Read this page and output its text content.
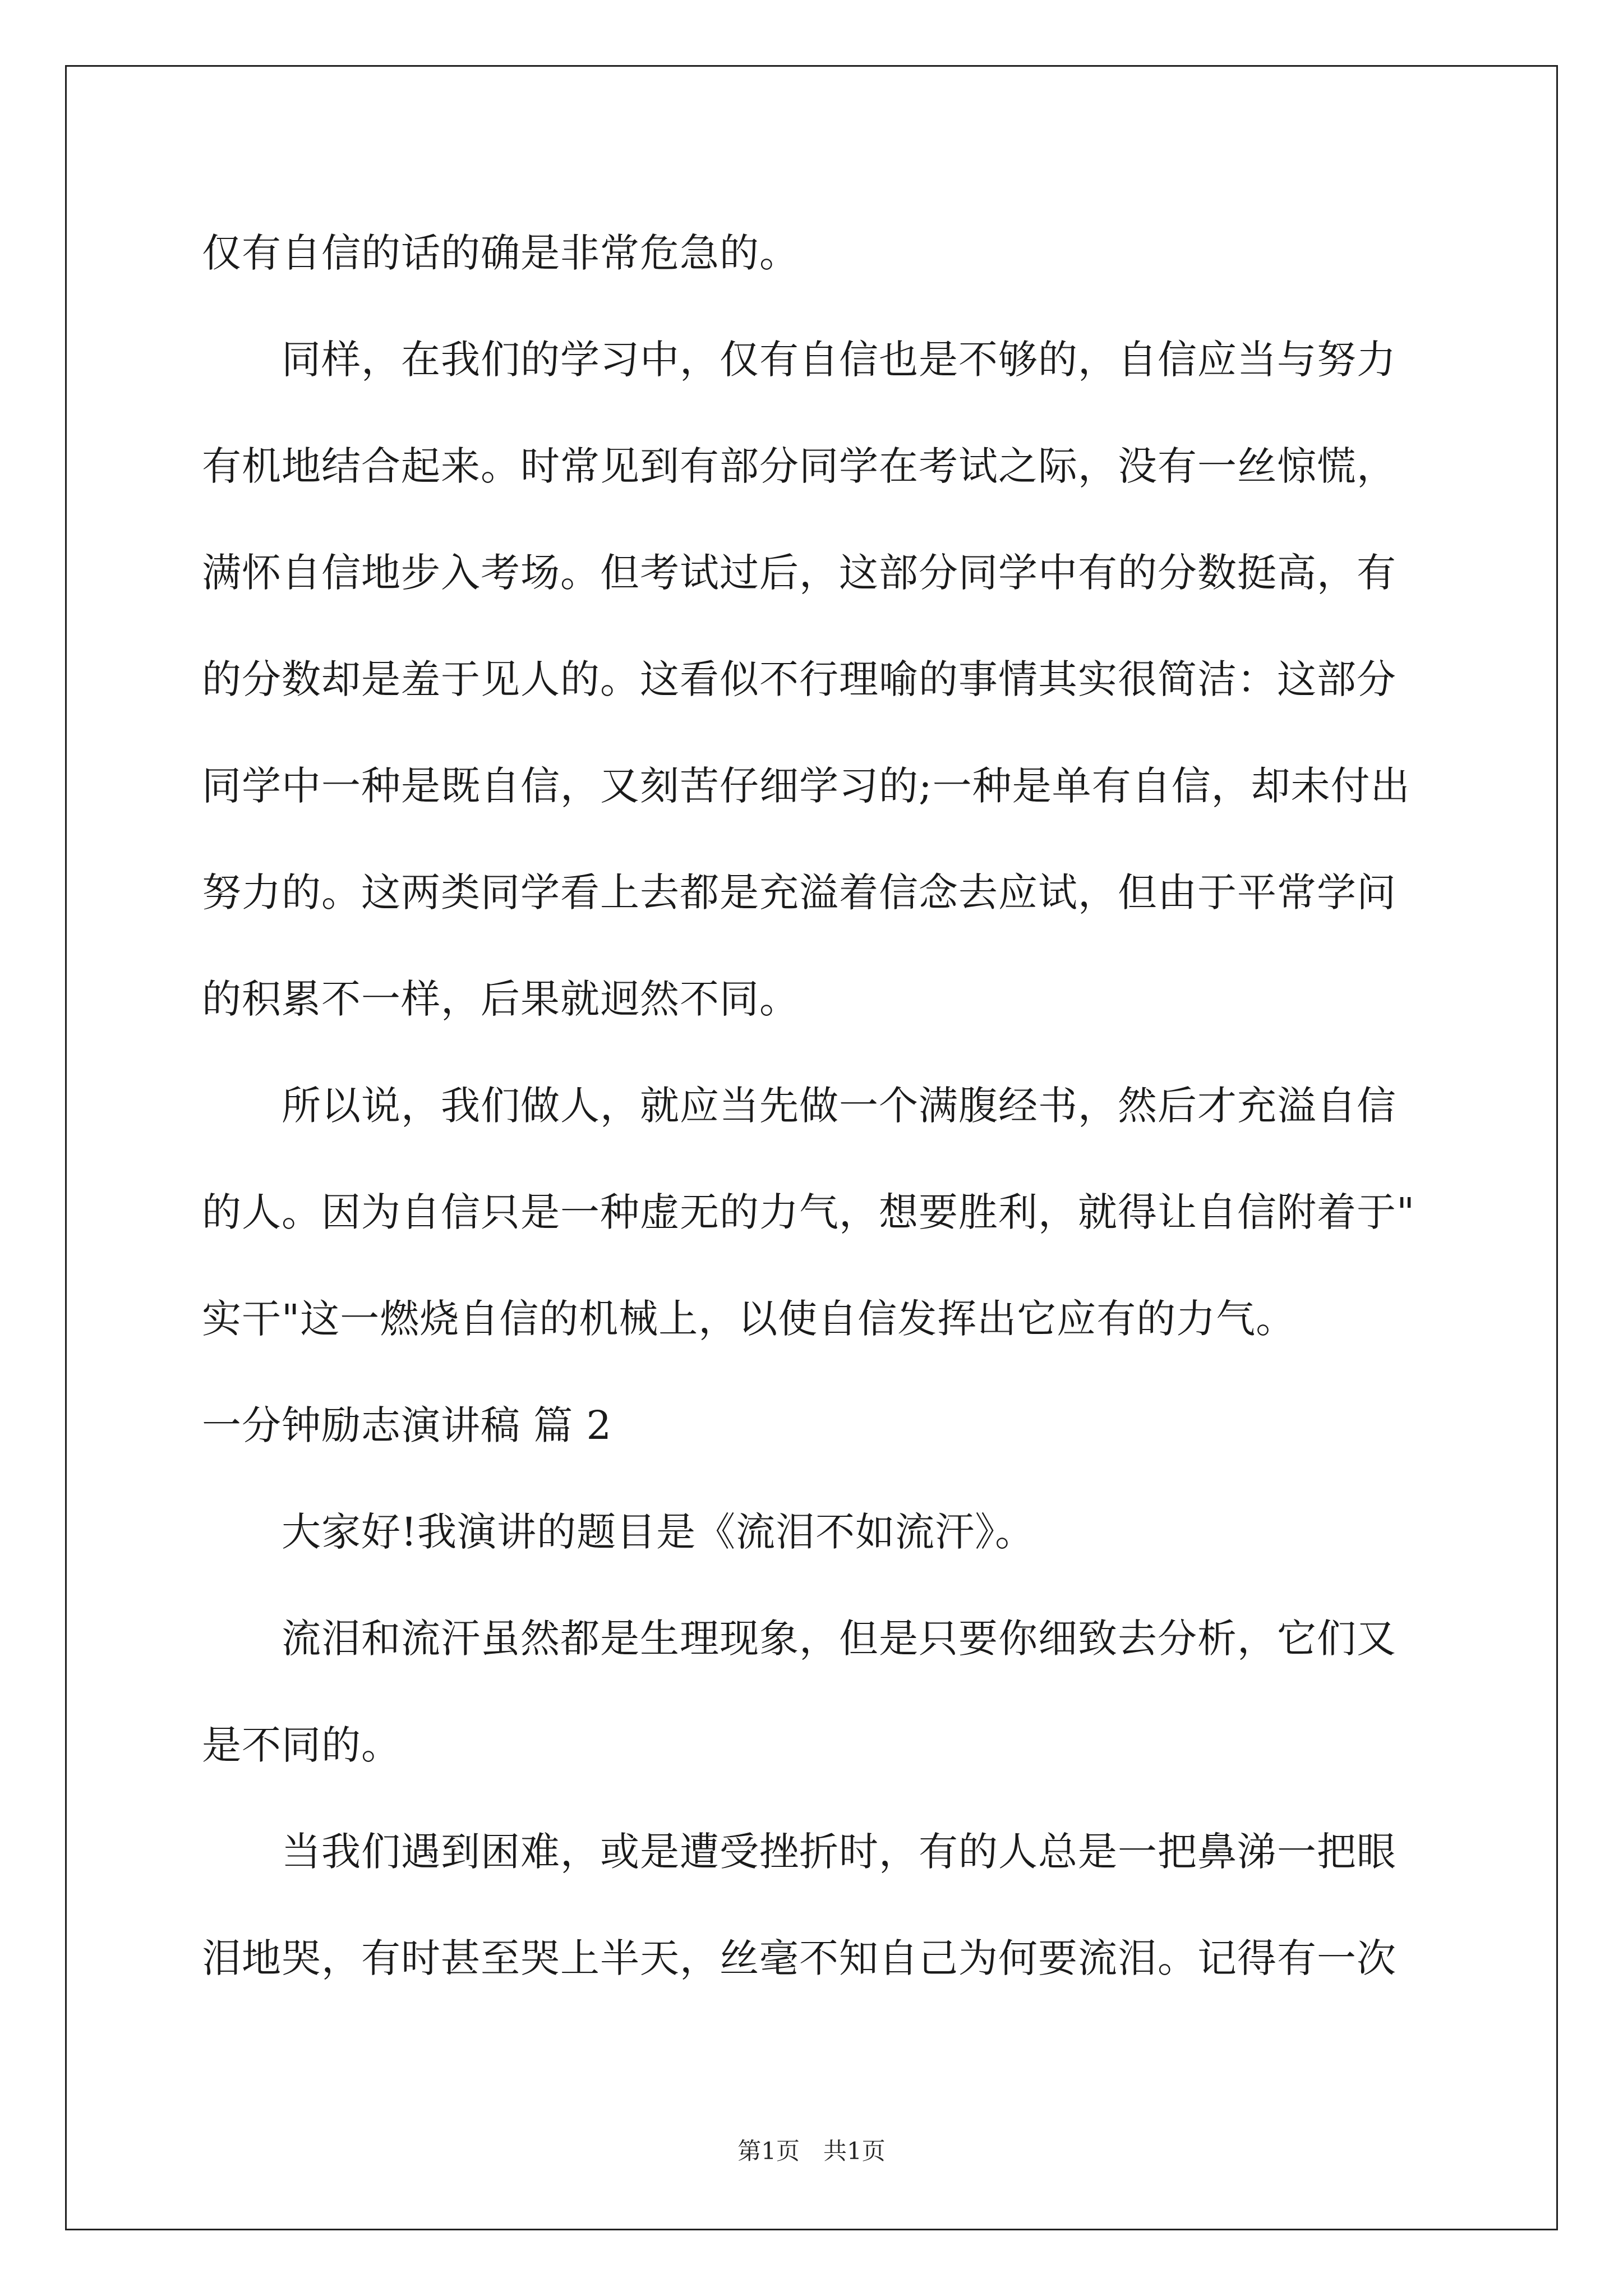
仅有自信的话的确是非常危急的。
　　同样，在我们的学习中，仅有自信也是不够的，自信应当与努力
有机地结合起来。时常见到有部分同学在考试之际，没有一丝惊慌，
满怀自信地步入考场。但考试过后，这部分同学中有的分数挺高，有
的分数却是羞于见人的。这看似不行理喻的事情其实很简洁：这部分
同学中一种是既自信，又刻苦仔细学习的;一种是单有自信，却未付出
努力的。这两类同学看上去都是充溢着信念去应试，但由于平常学问
的积累不一样，后果就迥然不同。
　　所以说，我们做人，就应当先做一个满腹经书，然后才充溢自信
的人。因为自信只是一种虚无的力气，想要胜利，就得让自信附着于"
实干"这一燃烧自信的机械上，以使自信发挥出它应有的力气。
一分钟励志演讲稿 篇 2
　　大家好!我演讲的题目是《流泪不如流汗》。
　　流泪和流汗虽然都是生理现象，但是只要你细致去分析，它们又
是不同的。
　　当我们遇到困难，或是遭受挫折时，有的人总是一把鼻涕一把眼
泪地哭，有时甚至哭上半天，丝毫不知自己为何要流泪。记得有一次
第1页　共1页
